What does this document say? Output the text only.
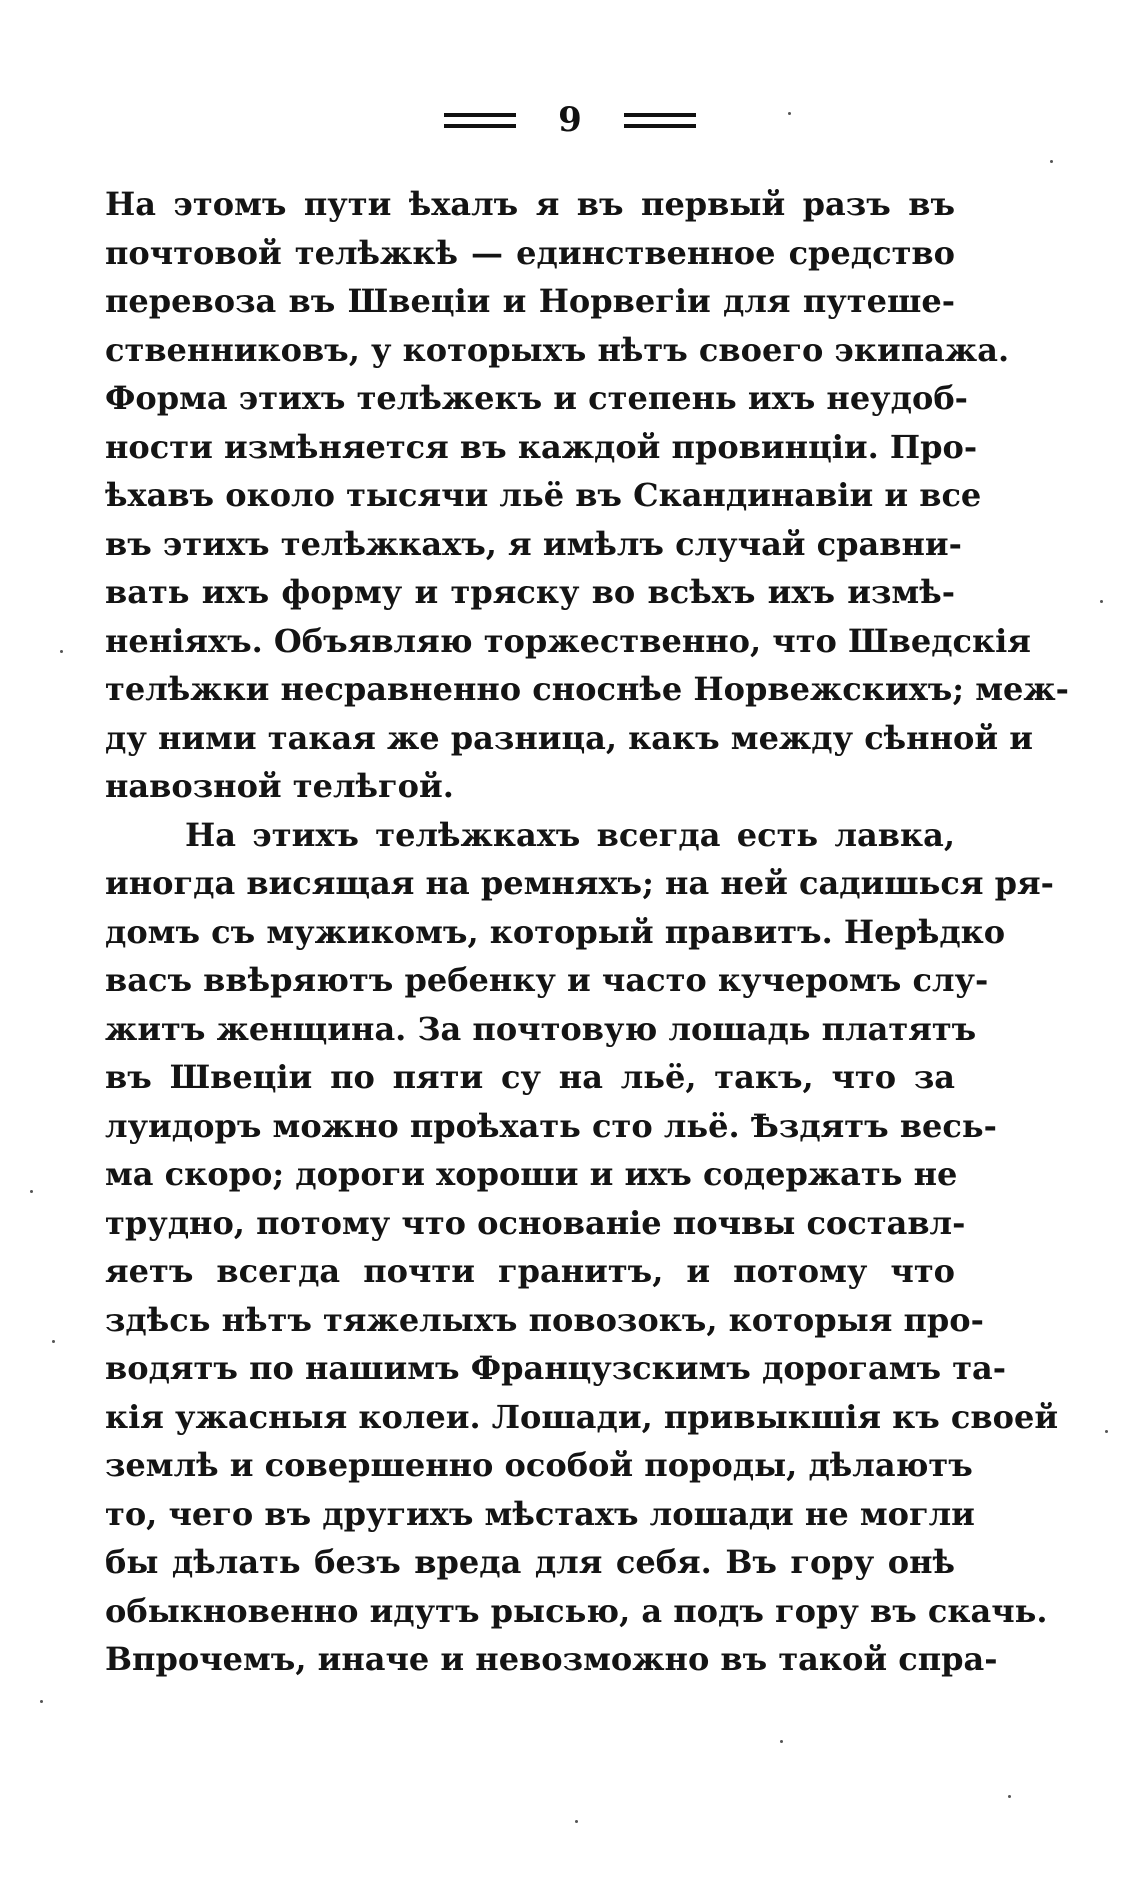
9
На этомъ пути ѣхалъ я въ первый разъ въ
почтовой телѣжкѣ — единственное средство
перевоза въ Швеціи и Норвегіи для путеше-
ственниковъ, у которыхъ нѣтъ своего экипажа.
Форма этихъ телѣжекъ и степень ихъ неудоб-
ности измѣняется въ каждой провинціи. Про-
ѣхавъ около тысячи льё въ Скандинавіи и все
въ этихъ телѣжкахъ, я имѣлъ случай сравни-
вать ихъ форму и тряску во всѣхъ ихъ измѣ-
неніяхъ. Объявляю торжественно, что Шведскія
телѣжки несравненно сноснѣе Норвежскихъ; меж-
ду ними такая же разница, какъ между сѣнной и
навозной телѣгой.
На этихъ телѣжкахъ всегда есть лавка,
иногда висящая на ремняхъ; на ней садишься ря-
домъ съ мужикомъ, который правитъ. Нерѣдко
васъ ввѣряютъ ребенку и часто кучеромъ слу-
житъ женщина. За почтовую лошадь платятъ
въ Швеціи по пяти су на льё, такъ, что за
луидоръ можно проѣхать сто льё. Ѣздятъ весь-
ма скоро; дороги хороши и ихъ содержать не
трудно, потому что основаніе почвы составл-
яетъ всегда почти гранитъ, и потому что
здѣсь нѣтъ тяжелыхъ повозокъ, которыя про-
водятъ по нашимъ Французскимъ дорогамъ та-
кія ужасныя колеи. Лошади, привыкшія къ своей
землѣ и совершенно особой породы, дѣлаютъ
то, чего въ другихъ мѣстахъ лошади не могли
бы дѣлать безъ вреда для себя. Въ гору онѣ
обыкновенно идутъ рысью, а подъ гору въ скачь.
Впрочемъ, иначе и невозможно въ такой спра-
